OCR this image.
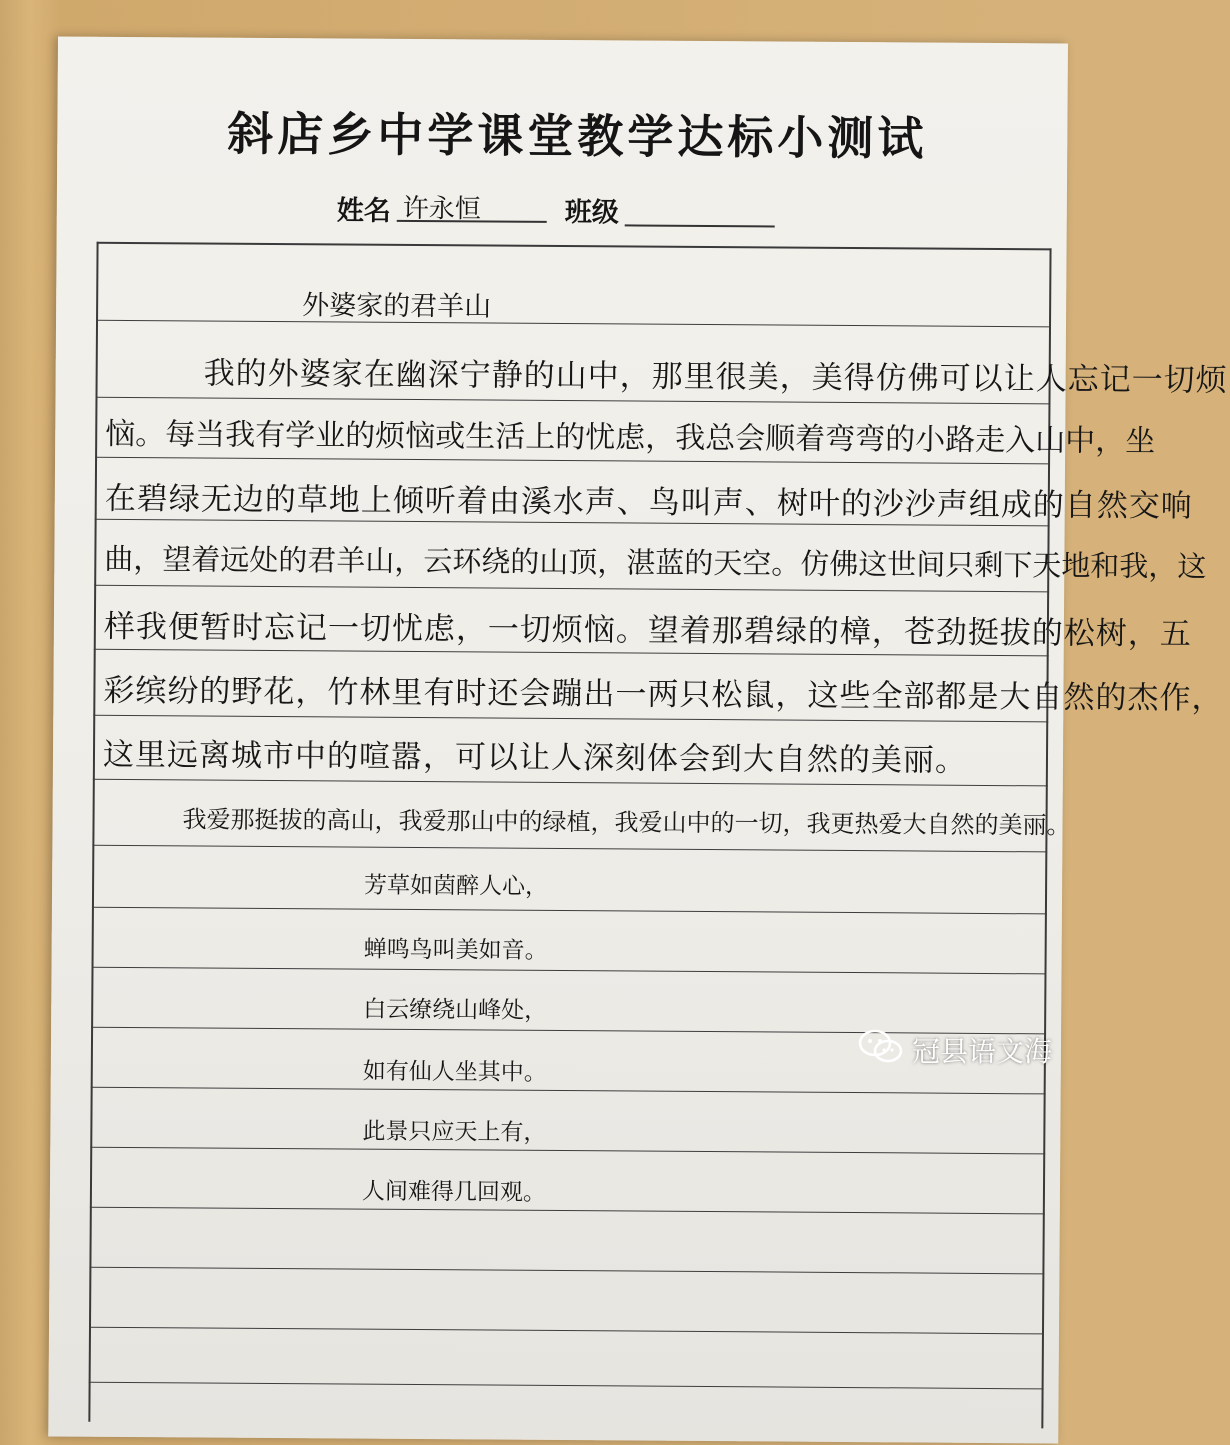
斜店乡中学课堂教学达标小测试
姓名 许永恒	班级
外婆家的君羊山
我的外婆家在幽深宁静的山中，那里很美，美得仿佛可以让人忘记一切烦
恼。每当我有学业的烦恼或生活上的忧虑，我总会顺着弯弯的小路走入山中，坐
在碧绿无边的草地上倾听着由溪水声、鸟叫声、树叶的沙沙声组成的自然交响
曲，望着远处的君羊山，云环绕的山顶，湛蓝的天空。仿佛这世间只剩下天地和我，这
样我便暂时忘记一切忧虑，一切烦恼。望着那碧绿的樟，苍劲挺拔的松树，五
彩缤纷的野花，竹林里有时还会蹦出一两只松鼠，这些全部都是大自然的杰作，
这里远离城市中的喧嚣，可以让人深刻体会到大自然的美丽。
我爱那挺拔的高山，我爱那山中的绿植，我爱山中的一切，我更热爱大自然的美丽。
芳草如茵醉人心，
蝉鸣鸟叫美如音。
白云缭绕山峰处，
如有仙人坐其中。
此景只应天上有，
人间难得几回观。
冠县语文海
